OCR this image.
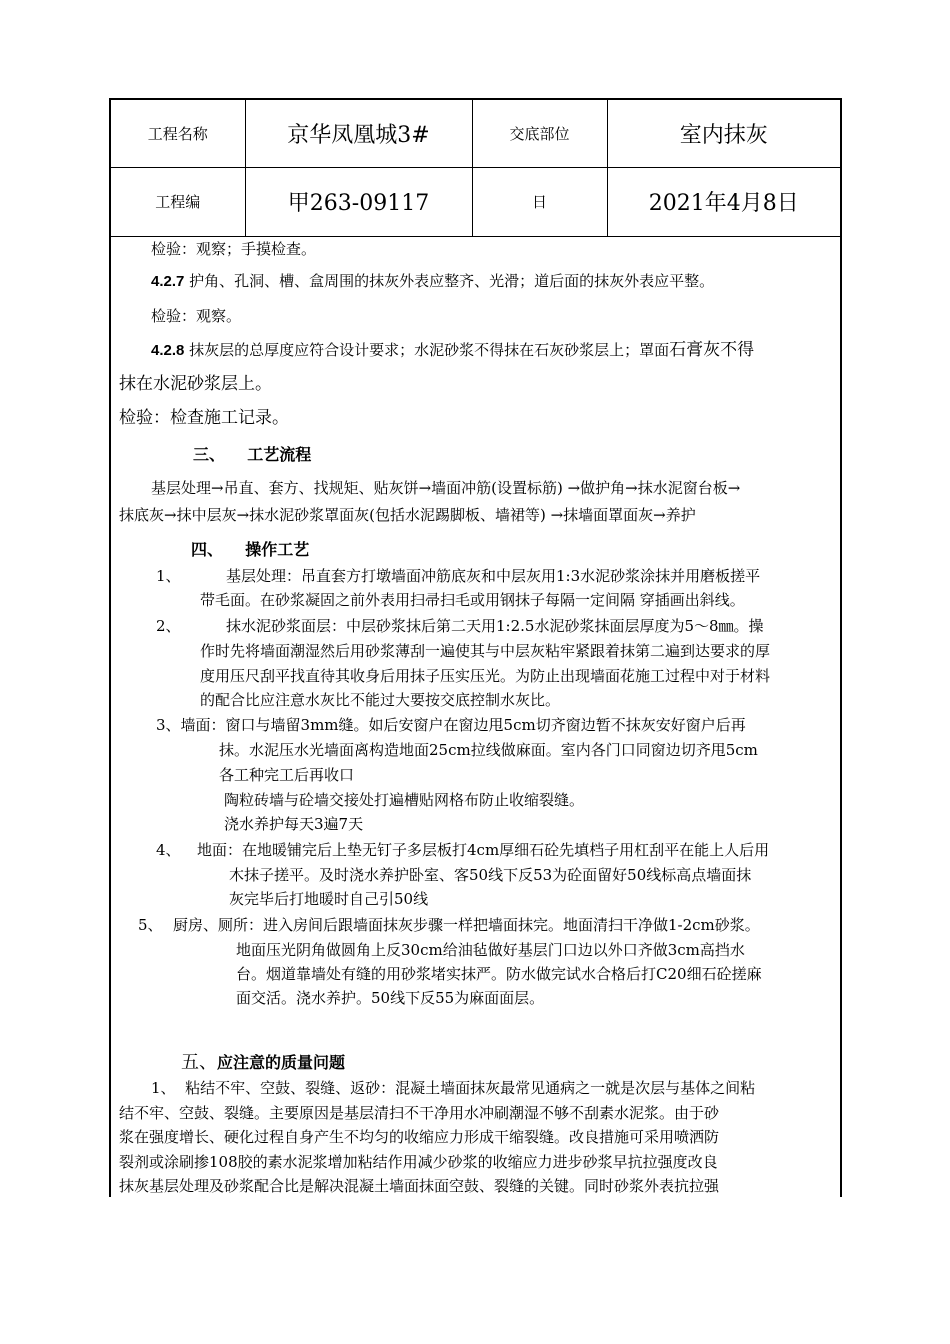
工程名称	京华凤凰城3#	交底部位	室内抹灰
工程编	甲263-09117	日	2021年4月8日
检验：观察；手摸检查。
4.2.7 护角、孔洞、槽、盒周围的抹灰外表应整齐、光滑；道后面的抹灰外表应平整。
检验：观察。
4.2.8 抹灰层的总厚度应符合设计要求；水泥砂浆不得抹在石灰砂浆层上；罩面石膏灰不得
抹在水泥砂浆层上。
检验：检查施工记录。
三、    工艺流程
基层处理→吊直、套方、找规矩、贴灰饼→墙面冲筋(设置标筋) →做护角→抹水泥窗台板→
抹底灰→抹中层灰→抹水泥砂浆罩面灰(包括水泥踢脚板、墙裙等) →抹墙面罩面灰→养护
四、    操作工艺
1、	基层处理：吊直套方打墩墙面冲筋底灰和中层灰用1:3水泥砂浆涂抹并用磨板搓平
带毛面。在砂浆凝固之前外表用扫帚扫毛或用钢抹子每隔一定间隔 穿插画出斜线。
2、	抹水泥砂浆面层：中层砂浆抹后第二天用1:2.5水泥砂浆抹面层厚度为5～8㎜。操
作时先将墙面潮湿然后用砂浆薄刮一遍使其与中层灰粘牢紧跟着抹第二遍到达要求的厚
度用压尺刮平找直待其收身后用抹子压实压光。为防止出现墙面花施工过程中对于材料
的配合比应注意水灰比不能过大要按交底控制水灰比。
3、墙面：窗口与墙留3mm缝。如后安窗户在窗边甩5cm切齐窗边暂不抹灰安好窗户后再
抹。水泥压水光墙面离构造地面25cm拉线做麻面。室内各门口同窗边切齐甩5cm
各工种完工后再收口
陶粒砖墙与砼墙交接处打遍槽贴网格布防止收缩裂缝。
浇水养护每天3遍7天
4、 地面：在地暖铺完后上垫无钉子多层板打4cm厚细石砼先填档子用杠刮平在能上人后用
木抹子搓平。及时浇水养护卧室、客50线下反53为砼面留好50线标高点墙面抹
灰完毕后打地暖时自己引50线
5、 厨房、厕所：进入房间后跟墙面抹灰步骤一样把墙面抹完。地面清扫干净做1-2cm砂浆。
地面压光阴角做圆角上反30cm给油毡做好基层门口边以外口齐做3cm高挡水
台。烟道靠墙处有缝的用砂浆堵实抹严。防水做完试水合格后打C20细石砼搓麻
面交活。浇水养护。50线下反55为麻面面层。
五、应注意的质量问题
1、  粘结不牢、空鼓、裂缝、返砂：混凝土墙面抹灰最常见通病之一就是次层与基体之间粘
结不牢、空鼓、裂缝。主要原因是基层清扫不干净用水冲刷潮湿不够不刮素水泥浆。由于砂
浆在强度增长、硬化过程自身产生不均匀的收缩应力形成干缩裂缝。改良措施可采用喷洒防
裂剂或涂刷掺108胶的素水泥浆增加粘结作用减少砂浆的收缩应力进步砂浆早抗拉强度改良
抹灰基层处理及砂浆配合比是解决混凝土墙面抹面空鼓、裂缝的关键。同时砂浆外表抗拉强
